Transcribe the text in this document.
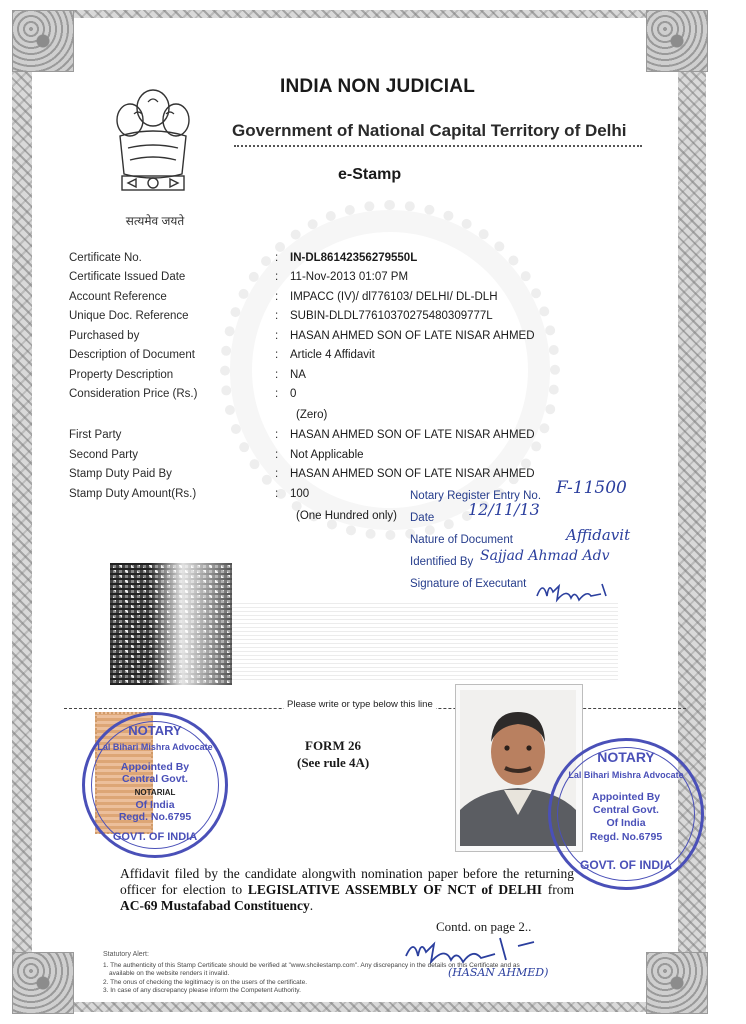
सत्यमेव जयते
INDIA NON JUDICIAL
Government of National Capital Territory of Delhi
e-Stamp
Certificate No.	: IN-DL86142356279550L
Certificate Issued Date	: 11-Nov-2013 01:07 PM
Account Reference	: IMPACC (IV)/ dl776103/ DELHI/ DL-DLH
Unique Doc. Reference	: SUBIN-DLDL77610370275480309777L
Purchased by	: HASAN AHMED SON OF LATE NISAR AHMED
Description of Document	: Article 4 Affidavit
Property Description	: NA
Consideration Price (Rs.)	: 0
(Zero)
First Party	: HASAN AHMED SON OF LATE NISAR AHMED
Second Party	: Not Applicable
Stamp Duty Paid By	: HASAN AHMED SON OF LATE NISAR AHMED
Stamp Duty Amount(Rs.)	: 100
(One Hundred only)
Notary Register Entry No. F-11500
Date 12/11/13
Nature of Document	Affidavit
Identified By Sajjad Ahmad Adv
Signature of Executant
Please write or type below this line
NOTARY
Lal Bihari Mishra Advocate
Appointed By
Central Govt.
NOTARIAL
Of India
Regd. No.6795
GOVT. OF INDIA
FORM 26
(See rule 4A)	NOTARY
Lal Bihari Mishra Advocate
Appointed By
Central Govt.
Of India
Regd. No.6795
GOVT. OF INDIA
Affidavit filed by the candidate alongwith nomination paper before the returning officer for election to LEGISLATIVE ASSEMBLY OF NCT of DELHI from AC-69 Mustafabad Constituency.
Contd. on page 2..
(HASAN AHMED)
Statutory Alert:
1. The authenticity of this Stamp Certificate should be verified at "www.shcilestamp.com". Any discrepancy in the details on this Certificate and as
available on the website renders it invalid.
2. The onus of checking the legitimacy is on the users of the certificate.
3. In case of any discrepancy please inform the Competent Authority.
